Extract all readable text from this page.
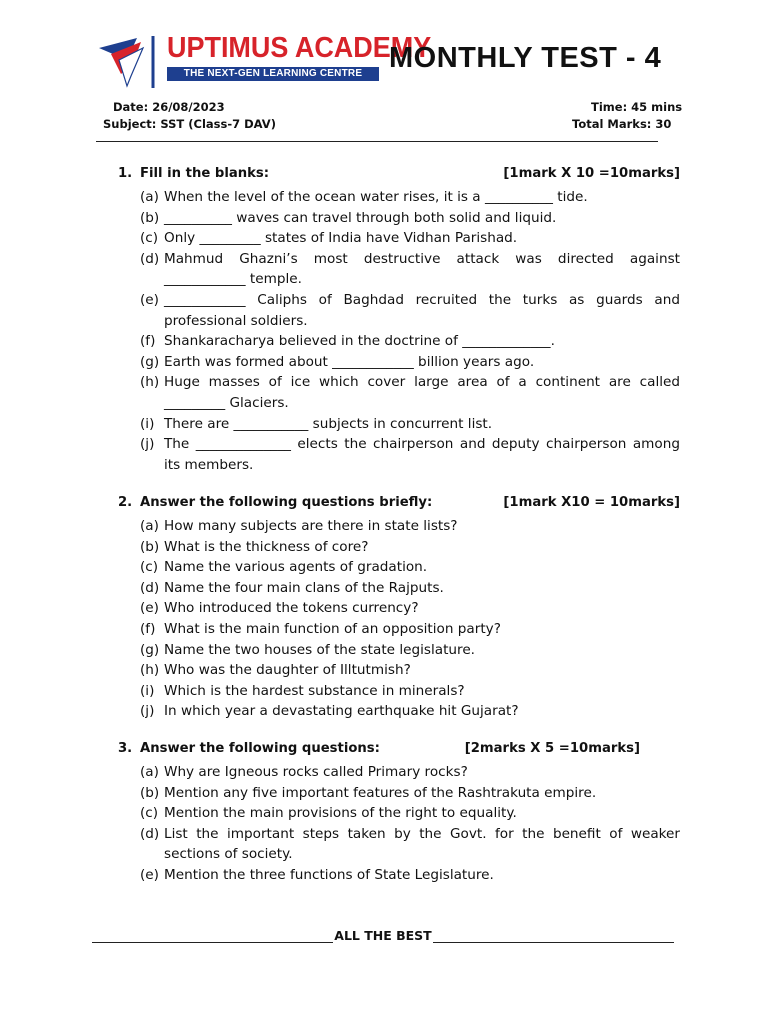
UPTIMUS ACADEMY
THE NEXT-GEN LEARNING CENTRE MONTHLY TEST - 4
Date: 26/08/2023
Subject: SST (Class-7 DAV)
Time: 45 mins
Total Marks: 30
1. Fill in the blanks:	[1mark X 10 =10marks]
(a) When the level of the ocean water rises, it is a __________ tide.
(b) __________ waves can travel through both solid and liquid.
(c) Only _________ states of India have Vidhan Parishad.
(d) Mahmud Ghazni’s most destructive attack was directed against ____________ temple.
(e) ____________ Caliphs of Baghdad recruited the turks as guards and professional soldiers.
(f) Shankaracharya believed in the doctrine of _____________.
(g) Earth was formed about ____________ billion years ago.
(h) Huge masses of ice which cover large area of a continent are called _________ Glaciers.
(i) There are ___________ subjects in concurrent list.
(j) The ______________ elects the chairperson and deputy chairperson among its members.
2. Answer the following questions briefly:	[1mark X10 = 10marks]
(a) How many subjects are there in state lists?
(b) What is the thickness of core?
(c) Name the various agents of gradation.
(d) Name the four main clans of the Rajputs.
(e) Who introduced the tokens currency?
(f) What is the main function of an opposition party?
(g) Name the two houses of the state legislature.
(h) Who was the daughter of Illtutmish?
(i) Which is the hardest substance in minerals?
(j) In which year a devastating earthquake hit Gujarat?
3. Answer the following questions:	[2marks X 5 =10marks]
(a) Why are Igneous rocks called Primary rocks?
(b) Mention any five important features of the Rashtrakuta empire.
(c) Mention the main provisions of the right to equality.
(d) List the important steps taken by the Govt. for the benefit of weaker sections of society.
(e) Mention the three functions of State Legislature.
ALL THE BEST
